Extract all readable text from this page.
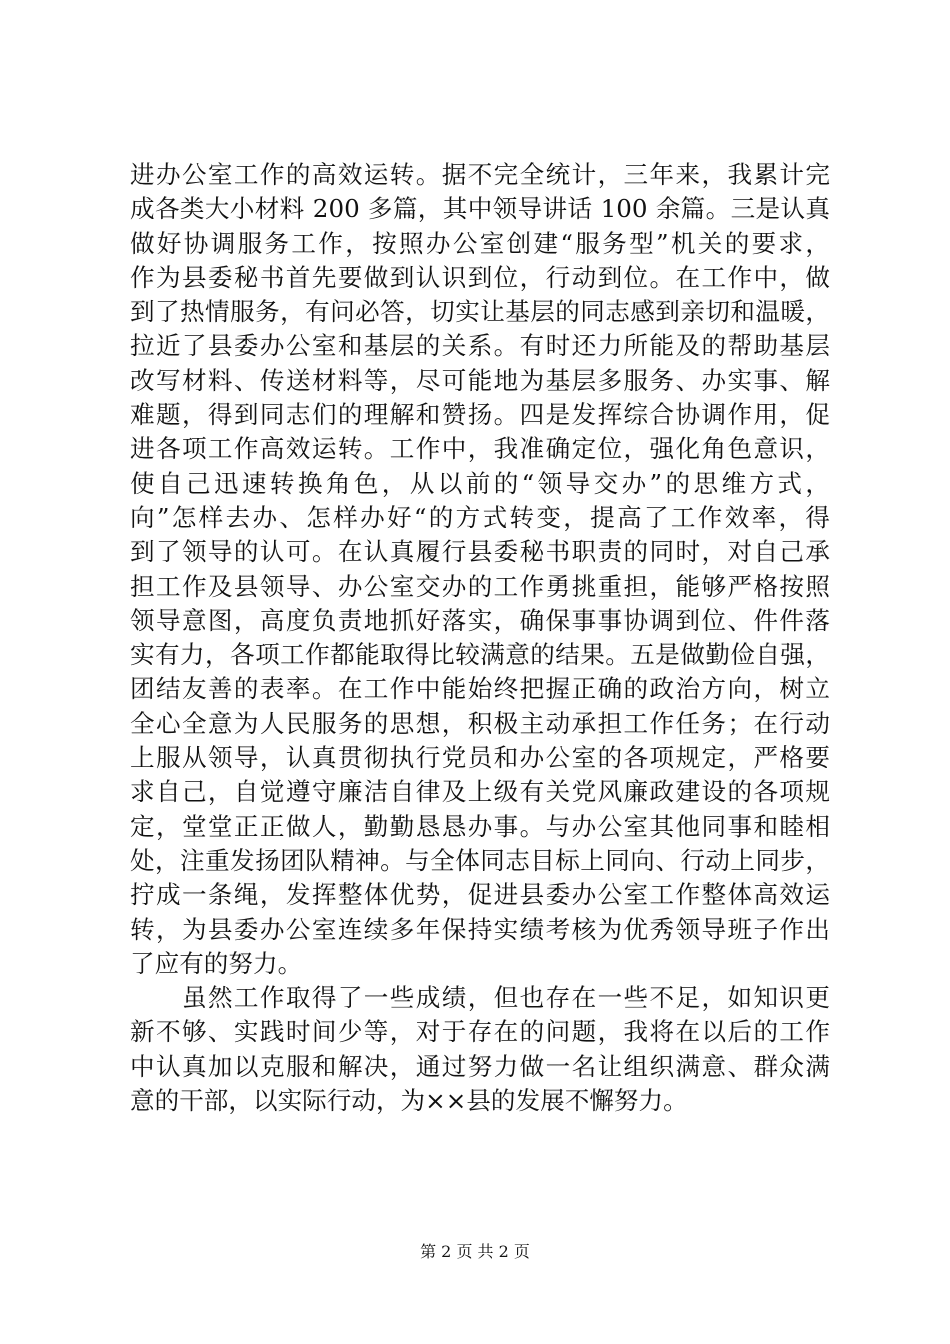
进办公室工作的高效运转。据不完全统计，三年来，我累计完
成各类大小材料 200 多篇，其中领导讲话 100 余篇。三是认真
做好协调服务工作，按照办公室创建“服务型”机关的要求，
作为县委秘书首先要做到认识到位，行动到位。在工作中，做
到了热情服务，有问必答，切实让基层的同志感到亲切和温暖，
拉近了县委办公室和基层的关系。有时还力所能及的帮助基层
改写材料、传送材料等，尽可能地为基层多服务、办实事、解
难题，得到同志们的理解和赞扬。四是发挥综合协调作用，促
进各项工作高效运转。工作中，我准确定位，强化角色意识，
使自己迅速转换角色，从以前的“领导交办”的思维方式，
向”怎样去办、怎样办好“的方式转变，提高了工作效率，得
到了领导的认可。在认真履行县委秘书职责的同时，对自己承
担工作及县领导、办公室交办的工作勇挑重担，能够严格按照
领导意图，高度负责地抓好落实，确保事事协调到位、件件落
实有力，各项工作都能取得比较满意的结果。五是做勤俭自强，
团结友善的表率。在工作中能始终把握正确的政治方向，树立
全心全意为人民服务的思想，积极主动承担工作任务；在行动
上服从领导，认真贯彻执行党员和办公室的各项规定，严格要
求自己，自觉遵守廉洁自律及上级有关党风廉政建设的各项规
定，堂堂正正做人，勤勤恳恳办事。与办公室其他同事和睦相
处，注重发扬团队精神。与全体同志目标上同向、行动上同步，
拧成一条绳，发挥整体优势，促进县委办公室工作整体高效运
转，为县委办公室连续多年保持实绩考核为优秀领导班子作出
了应有的努力。
　　虽然工作取得了一些成绩，但也存在一些不足，如知识更
新不够、实践时间少等，对于存在的问题，我将在以后的工作
中认真加以克服和解决，通过努力做一名让组织满意、群众满
意的干部，以实际行动，为××县的发展不懈努力。
第 2 页 共 2 页
